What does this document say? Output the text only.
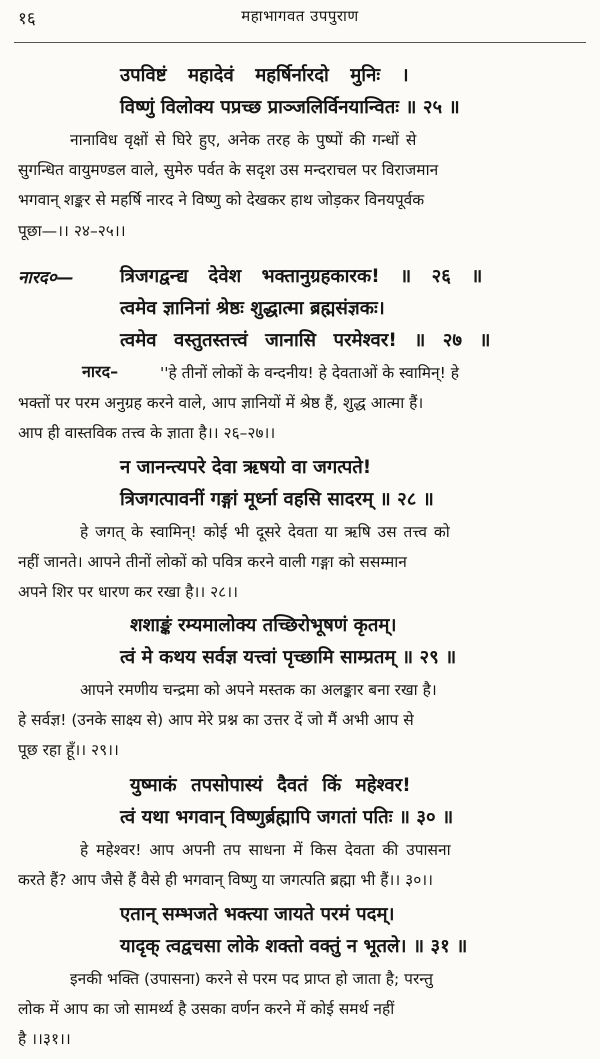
१६	महाभागवत उपपुराण
उपविष्टं महादेवं महर्षिर्नारदो मुनिः ।
विष्णुं विलोक्य पप्रच्छ प्राञ्जलिर्विनयान्वितः ॥ २५ ॥
नानाविध वृक्षों से घिरे हुए, अनेक तरह के पुष्पों की गन्धों से
सुगन्धित वायुमण्डल वाले, सुमेरु पर्वत के सदृश उस मन्दराचल पर विराजमान
भगवान् शङ्कर से महर्षि नारद ने विष्णु को देखकर हाथ जोड़कर विनयपूर्वक
पूछा—।। २४–२५।।
नारद०—	त्रिजगद्वन्द्य देवेश भक्तानुग्रहकारक! ॥ २६ ॥
त्वमेव ज्ञानिनां श्रेष्ठः शुद्धात्मा ब्रह्मसंज्ञकः।
त्वमेव वस्तुतस्तत्त्वं जानासि परमेश्वर! ॥ २७ ॥
नारद–	''हे तीनों लोकों के वन्दनीय! हे देवताओं के स्वामिन्! हे
भक्तों पर परम अनुग्रह करने वाले, आप ज्ञानियों में श्रेष्ठ हैं, शुद्ध आत्मा हैं।
आप ही वास्तविक तत्त्व के ज्ञाता है।। २६–२७।।
न जानन्त्यपरे देवा ऋषयो वा जगत्पते!
त्रिजगत्पावनीं गङ्गां मूर्ध्ना वहसि सादरम् ॥ २८ ॥
हे जगत् के स्वामिन्! कोई भी दूसरे देवता या ऋषि उस तत्त्व को
नहीं जानते। आपने तीनों लोकों को पवित्र करने वाली गङ्गा को ससम्मान
अपने शिर पर धारण कर रखा है।। २८।।
शशाङ्कं रम्यमालोक्य तच्छिरोभूषणं कृतम्।
त्वं मे कथय सर्वज्ञ यत्त्वां पृच्छामि साम्प्रतम् ॥ २९ ॥
आपने रमणीय चन्द्रमा को अपने मस्तक का अलङ्कार बना रखा है।
हे सर्वज्ञ! (उनके साक्ष्य से) आप मेरे प्रश्न का उत्तर दें जो मैं अभी आप से
पूछ रहा हूँ।। २९।।
युष्माकं तपसोपास्यं दैवतं किं महेश्वर!
त्वं यथा भगवान् विष्णुर्ब्रह्मापि जगतां पतिः ॥ ३० ॥
हे महेश्वर! आप अपनी तप साधना में किस देवता की उपासना
करते हैं? आप जैसे हैं वैसे ही भगवान् विष्णु या जगत्पति ब्रह्मा भी हैं।। ३०।।
एतान् सम्भजते भक्त्या जायते परमं पदम्।
यादृक् त्वद्वचसा लोके शक्तो वक्तुं न भूतले। ॥ ३१ ॥
इनकी भक्ति (उपासना) करने से परम पद प्राप्त हो जाता है; परन्तु
लोक में आप का जो सामर्थ्य है उसका वर्णन करने में कोई समर्थ नहीं
है ।।३१।।
